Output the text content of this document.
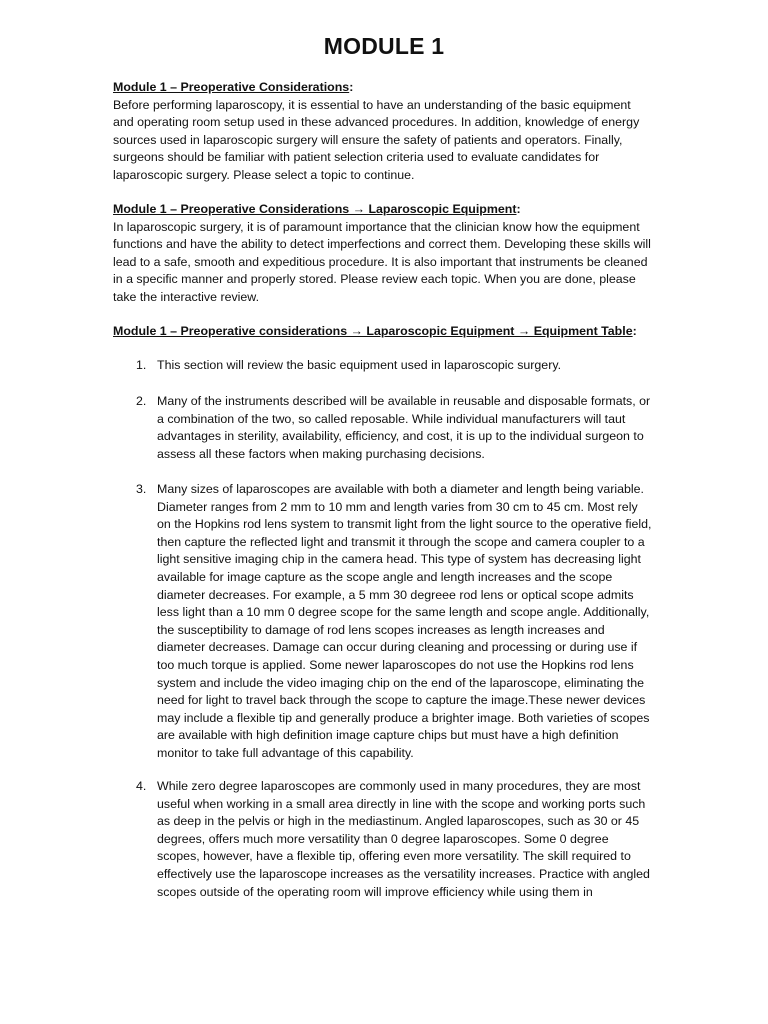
MODULE 1
Module 1 – Preoperative Considerations:

Before performing laparoscopy, it is essential to have an understanding of the basic equipment and operating room setup used in these advanced procedures. In addition, knowledge of energy sources used in laparoscopic surgery will ensure the safety of patients and operators. Finally, surgeons should be familiar with patient selection criteria used to evaluate candidates for laparoscopic surgery. Please select a topic to continue.

Module 1 – Preoperative Considerations → Laparoscopic Equipment:

In laparoscopic surgery, it is of paramount importance that the clinician know how the equipment functions and have the ability to detect imperfections and correct them. Developing these skills will lead to a safe, smooth and expeditious procedure. It is also important that instruments be cleaned in a specific manner and properly stored. Please review each topic. When you are done, please take the interactive review.

Module 1 – Preoperative considerations → Laparoscopic Equipment → Equipment Table:
1. This section will review the basic equipment used in laparoscopic surgery.
2. Many of the instruments described will be available in reusable and disposable formats, or a combination of the two, so called reposable. While individual manufacturers will taut advantages in sterility, availability, efficiency, and cost, it is up to the individual surgeon to assess all these factors when making purchasing decisions.
3. Many sizes of laparoscopes are available with both a diameter and length being variable. Diameter ranges from 2 mm to 10 mm and length varies from 30 cm to 45 cm. Most rely on the Hopkins rod lens system to transmit light from the light source to the operative field, then capture the reflected light and transmit it through the scope and camera coupler to a light sensitive imaging chip in the camera head. This type of system has decreasing light available for image capture as the scope angle and length increases and the scope diameter decreases. For example, a 5 mm 30 degreee rod lens or optical scope admits less light than a 10 mm 0 degree scope for the same length and scope angle. Additionally, the susceptibility to damage of rod lens scopes increases as length increases and diameter decreases. Damage can occur during cleaning and processing or during use if too much torque is applied. Some newer laparoscopes do not use the Hopkins rod lens system and include the video imaging chip on the end of the laparoscope, eliminating the need for light to travel back through the scope to capture the image.These newer devices may include a flexible tip and generally produce a brighter image. Both varieties of scopes are available with high definition image capture chips but must have a high definition monitor to take full advantage of this capability.
4. While zero degree laparoscopes are commonly used in many procedures, they are most useful when working in a small area directly in line with the scope and working ports such as deep in the pelvis or high in the mediastinum. Angled laparoscopes, such as 30 or 45 degrees, offers much more versatility than 0 degree laparoscopes. Some 0 degree scopes, however, have a flexible tip, offering even more versatility. The skill required to effectively use the laparoscope increases as the versatility increases. Practice with angled scopes outside of the operating room will improve efficiency while using them in
